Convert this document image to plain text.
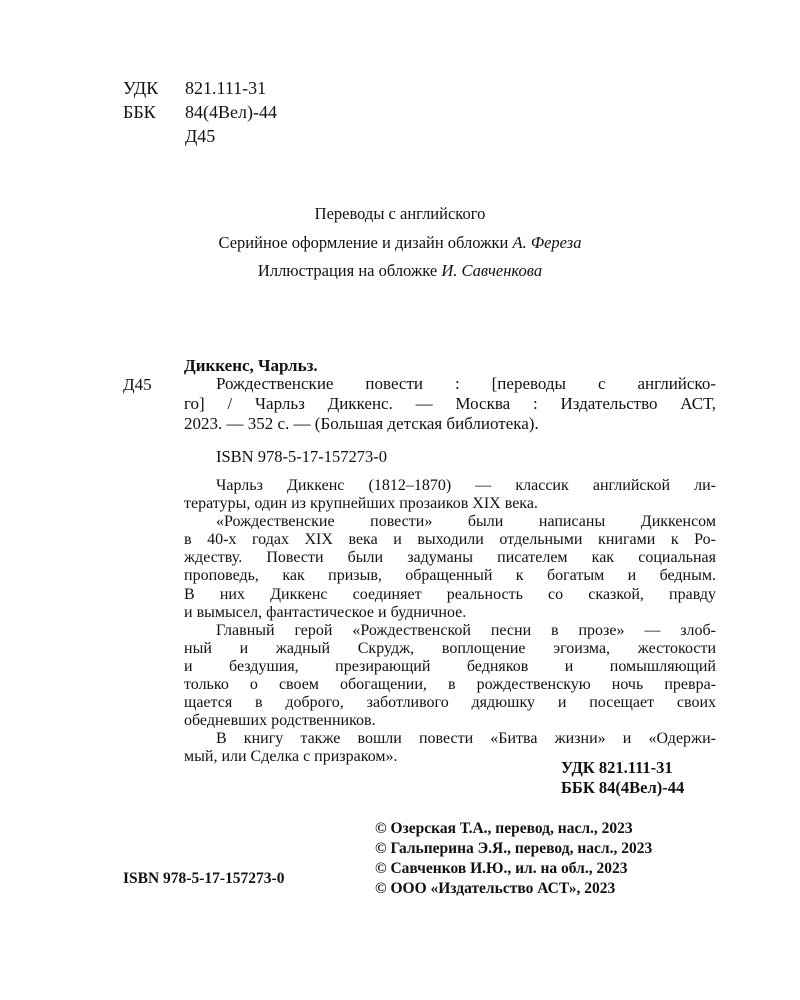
УДК	821.111-31
ББК	84(4Вел)-44
Д45
Переводы с английского
Серийное оформление и дизайн обложки А. Фереза
Иллюстрация на обложке И. Савченкова
Диккенс, Чарльз.
Д45	Рождественские повести : [переводы с английско-
го] / Чарльз Диккенс. — Москва : Издательство АСТ,
2023. — 352 с. — (Большая детская библиотека).
ISBN 978-5-17-157273-0
Чарльз Диккенс (1812–1870) — классик английской ли-
тературы, один из крупнейших прозаиков XIX века.
«Рождественские повести» были написаны Диккенсом
в 40-х годах XIX века и выходили отдельными книгами к Ро-
ждеству. Повести были задуманы писателем как социальная
проповедь, как призыв, обращенный к богатым и бедным.
В них Диккенс соединяет реальность со сказкой, правду
и вымысел, фантастическое и будничное.
Главный герой «Рождественской песни в прозе» — злоб-
ный и жадный Скрудж, воплощение эгоизма, жестокости
и бездушия, презирающий бедняков и помышляющий
только о своем обогащении, в рождественскую ночь превра-
щается в доброго, заботливого дядюшку и посещает своих
обедневших родственников.
В книгу также вошли повести «Битва жизни» и «Одержи-
мый, или Сделка с призраком».
УДК 821.111-31
ББК 84(4Вел)-44
© Озерская Т.А., перевод, насл., 2023
© Гальперина Э.Я., перевод, насл., 2023
© Савченков И.Ю., ил. на обл., 2023
© ООО «Издательство АСТ», 2023
ISBN 978-5-17-157273-0
